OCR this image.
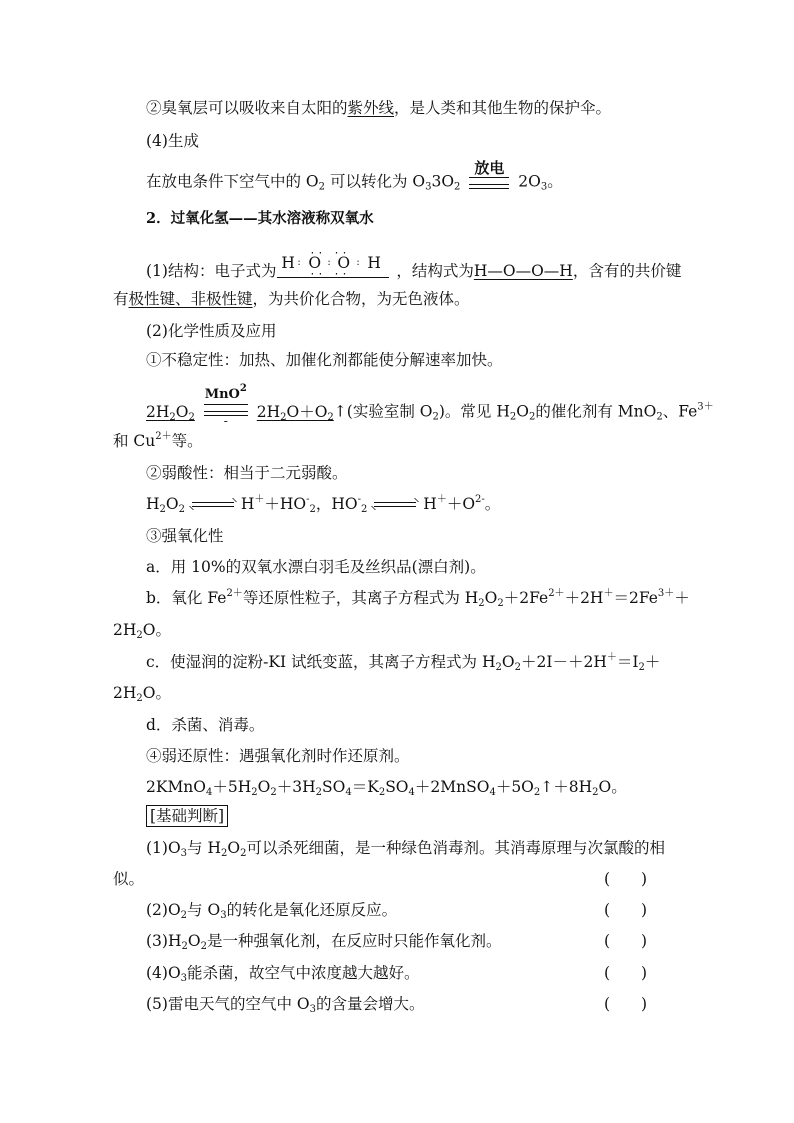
②臭氧层可以吸收来自太阳的紫外线，是人类和其他生物的保护伞。
(4)生成
在放电条件下空气中的 $O_2$ 可以转化为 $O_33O_2$
放电
$2O_3$。
2．过氧化氢——其水溶液称双氧水
(1)结构：电子式为
·· ··
H : O : O : H
·· ··	，结构式为H—O—O—H，含有的共价键
有极性键、非极性键，为共价化合物，为无色液体。
(2)化学性质及应用
①不稳定性：加热、加催化剂都能使分解速率加快。
$2H_2O_2$
MnO$^2$
-
$2H_2O+O_2↑$(实验室制 $O_2$)。常见 $H_2O_2$的催化剂有 MnO$_2$、$Fe^{3+}$
和 $Cu^{2+}$等。
②弱酸性：相当于二元弱酸。
$H_2O_2$	$H^++HO^-_2$，$HO^-_2$	$H^++O^{2-}$。
③强氧化性
a．用 10%的双氧水漂白羽毛及丝织品(漂白剂)。
b．氧化 $Fe^{2+}$等还原性粒子，其离子方程式为 $H_2O_2+2Fe^{2+}+2H^+=2Fe^{3+}+$
$2H_2O$。
c．使湿润的淀粉-KI 试纸变蓝，其离子方程式为 $H_2O_2+2I-+2H^+=I_2+$
$2H_2O$。
d．杀菌、消毒。
④弱还原性：遇强氧化剂时作还原剂。
$2KMnO_4+5H_2O_2+3H_2SO_4=K_2SO_4+2MnSO_4+5O_2↑+8H_2O$。
[基础判断]
$(1)O_3$与 $H_2O_2$可以杀死细菌，是一种绿色消毒剂。其消毒原理与次氯酸的相
似。	(　　)
$(2)O_2$与 $O_3$的转化是氧化还原反应。	(　　)
$(3)H_2O_2$是一种强氧化剂，在反应时只能作氧化剂。	(　　)
$(4)O_3$能杀菌，故空气中浓度越大越好。	(　　)
(5)雷电天气的空气中 $O_3$的含量会增大。	(　　)
